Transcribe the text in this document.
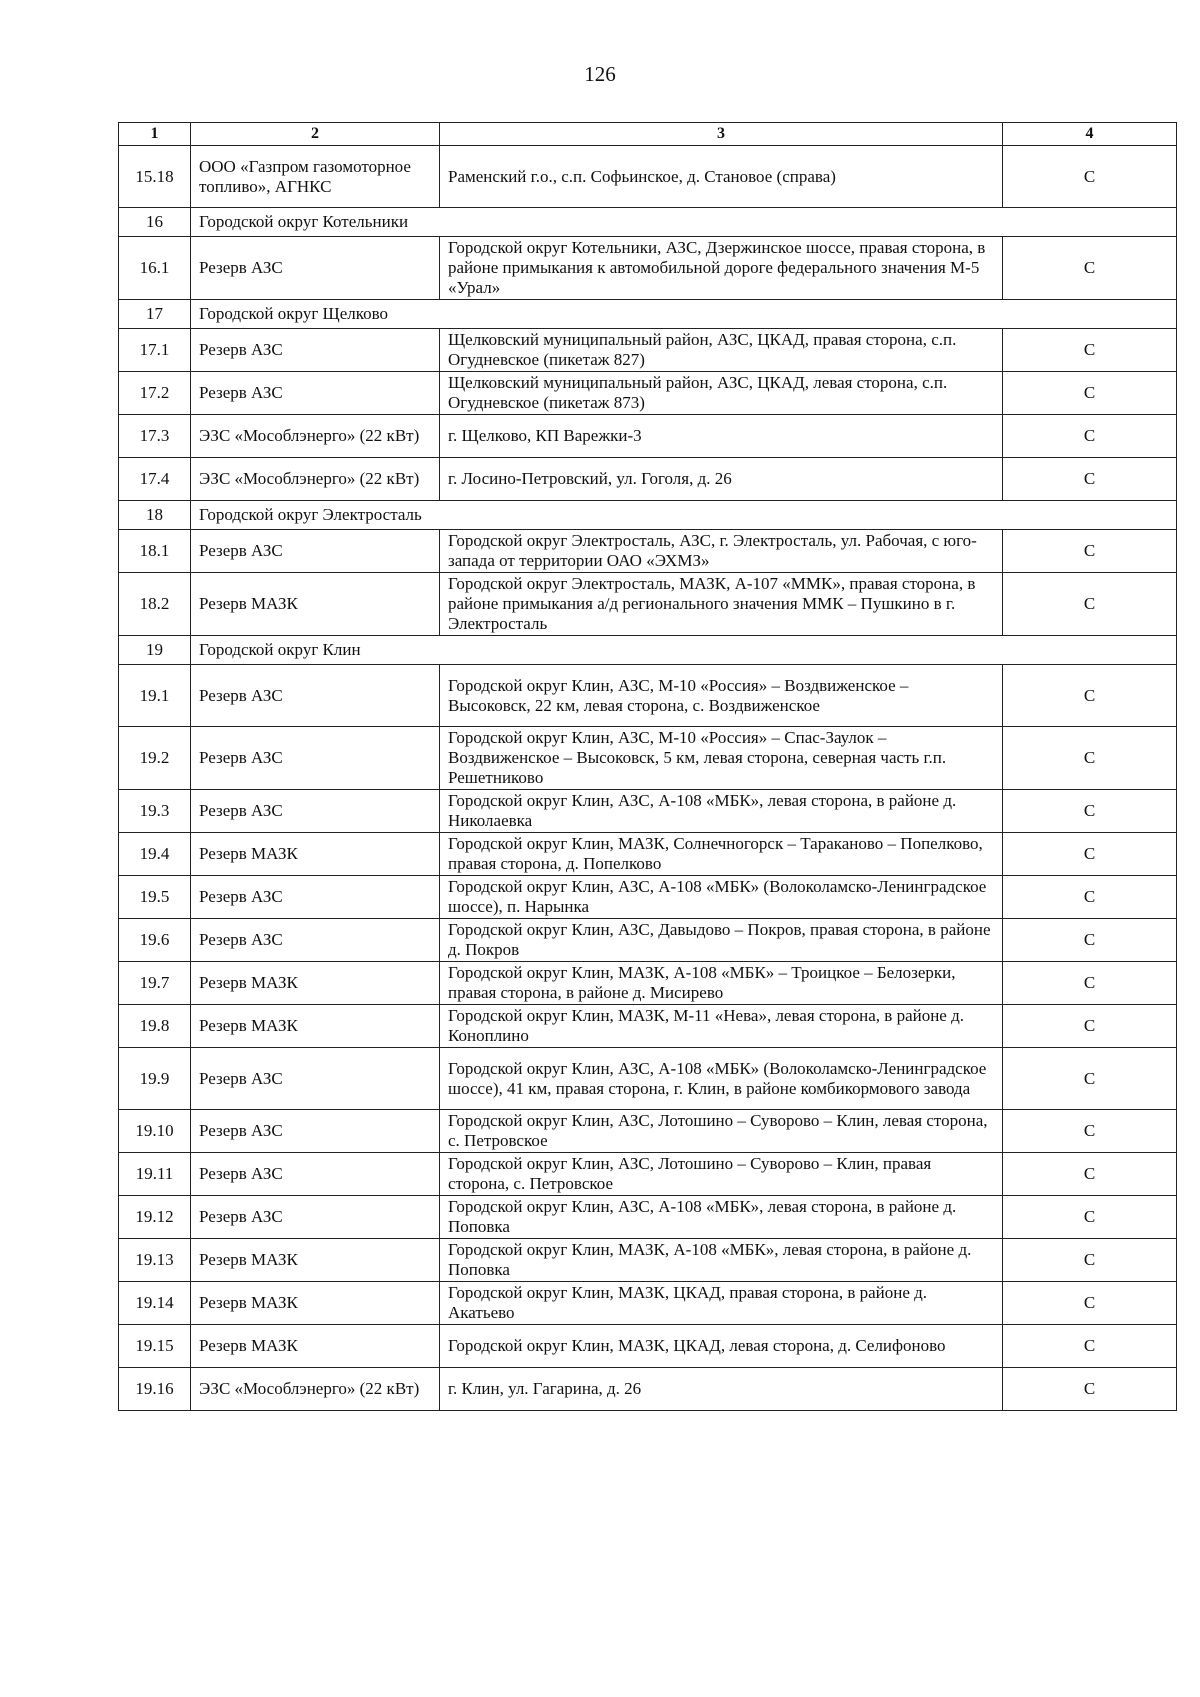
126
1	2	3	4
15.18	ООО «Газпром газомоторное топливо», АГНКС	Раменский г.о., с.п. Софьинское, д. Становое (справа)	С
16	Городской округ Котельники		
16.1	Резерв АЗС	Городской округ Котельники, АЗС, Дзержинское шоссе, правая сторона, в районе примыкания к автомобильной дороге федерального значения М-5 «Урал»	С
17	Городской округ Щелково		
17.1	Резерв АЗС	Щелковский муниципальный район, АЗС, ЦКАД, правая сторона, с.п. Огудневское (пикетаж 827)	С
17.2	Резерв АЗС	Щелковский муниципальный район, АЗС, ЦКАД, левая сторона, с.п. Огудневское (пикетаж 873)	С
17.3	ЭЗС «Мособлэнерго» (22 кВт)	г. Щелково, КП Варежки-3	С
17.4	ЭЗС «Мособлэнерго» (22 кВт)	г. Лосино-Петровский, ул. Гоголя, д. 26	С
18	Городской округ Электросталь		
18.1	Резерв АЗС	Городской округ Электросталь, АЗС, г. Электросталь, ул. Рабочая, с юго-запада от территории ОАО «ЭХМЗ»	С
18.2	Резерв МАЗК	Городской округ Электросталь, МАЗК, А-107 «ММК», правая сторона, в районе примыкания а/д регионального значения ММК – Пушкино в г. Электросталь	С
19	Городской округ Клин		
19.1	Резерв АЗС	Городской округ Клин, АЗС, М-10 «Россия» – Воздвиженское – Высоковск, 22 км, левая сторона, с. Воздвиженское	С
19.2	Резерв АЗС	Городской округ Клин, АЗС, М-10 «Россия» – Спас-Заулок – Воздвиженское – Высоковск, 5 км, левая сторона, северная часть г.п. Решетниково	С
19.3	Резерв АЗС	Городской округ Клин, АЗС, А-108 «МБК», левая сторона, в районе д. Николаевка	С
19.4	Резерв МАЗК	Городской округ Клин, МАЗК, Солнечногорск – Тараканово – Попелково, правая сторона, д. Попелково	С
19.5	Резерв АЗС	Городской округ Клин, АЗС, А-108 «МБК» (Волоколамско-Ленинградское шоссе), п. Нарынка	С
19.6	Резерв АЗС	Городской округ Клин, АЗС, Давыдово – Покров, правая сторона, в районе д. Покров	С
19.7	Резерв МАЗК	Городской округ Клин, МАЗК, А-108 «МБК» – Троицкое – Белозерки, правая сторона, в районе д. Мисирево	С
19.8	Резерв МАЗК	Городской округ Клин, МАЗК, М-11 «Нева», левая сторона, в районе д. Коноплино	С
19.9	Резерв АЗС	Городской округ Клин, АЗС, А-108 «МБК» (Волоколамско-Ленинградское шоссе), 41 км, правая сторона, г. Клин, в районе комбикормового завода	С
19.10	Резерв АЗС	Городской округ Клин, АЗС, Лотошино – Суворово – Клин, левая сторона, с. Петровское	С
19.11	Резерв АЗС	Городской округ Клин, АЗС, Лотошино – Суворово – Клин, правая сторона, с. Петровское	С
19.12	Резерв АЗС	Городской округ Клин, АЗС, А-108 «МБК», левая сторона, в районе д. Поповка	С
19.13	Резерв МАЗК	Городской округ Клин, МАЗК, А-108 «МБК», левая сторона, в районе д. Поповка	С
19.14	Резерв МАЗК	Городской округ Клин, МАЗК, ЦКАД, правая сторона, в районе д. Акатьево	С
19.15	Резерв МАЗК	Городской округ Клин, МАЗК, ЦКАД, левая сторона, д. Селифоново	С
19.16	ЭЗС «Мособлэнерго» (22 кВт)	г. Клин, ул. Гагарина, д. 26	С
